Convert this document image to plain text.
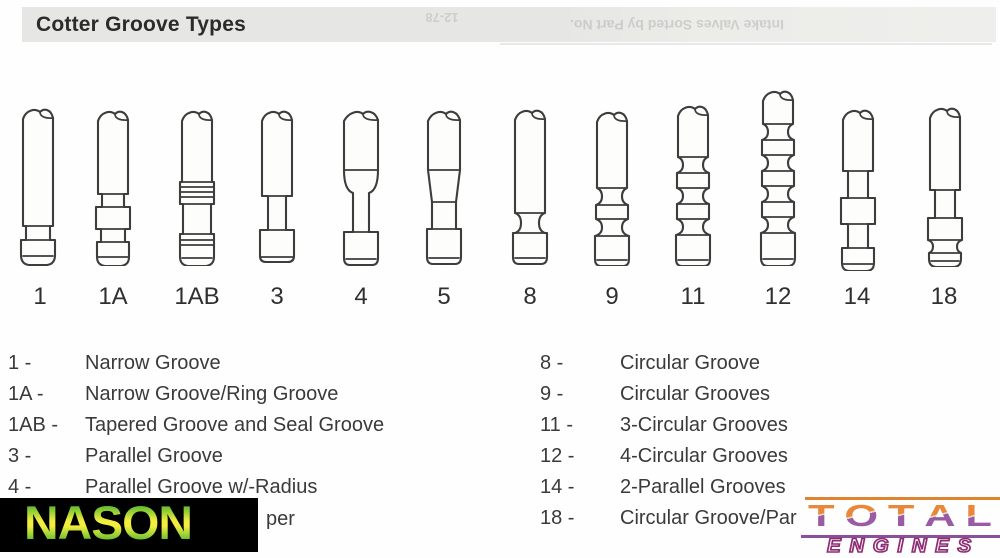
Cotter Groove Types	Intake Valves Sorted by Part No.
12-78
1	1A	1AB	3	4	5	8	9	11	12	14	18
1 -	Narrow Groove
1A -	Narrow Groove/Ring Groove
1AB -	Tapered Groove and Seal Groove
3 -	Parallel Groove
4 -	Parallel Groove w/-Radius
per
8 -	Circular Groove
9 -	Circular Grooves
11 -	3-Circular Grooves
12 -	4-Circular Grooves
14 -	2-Parallel Grooves
18 -	Circular Groove/Par
NASON	T O T A L
ENGINES
